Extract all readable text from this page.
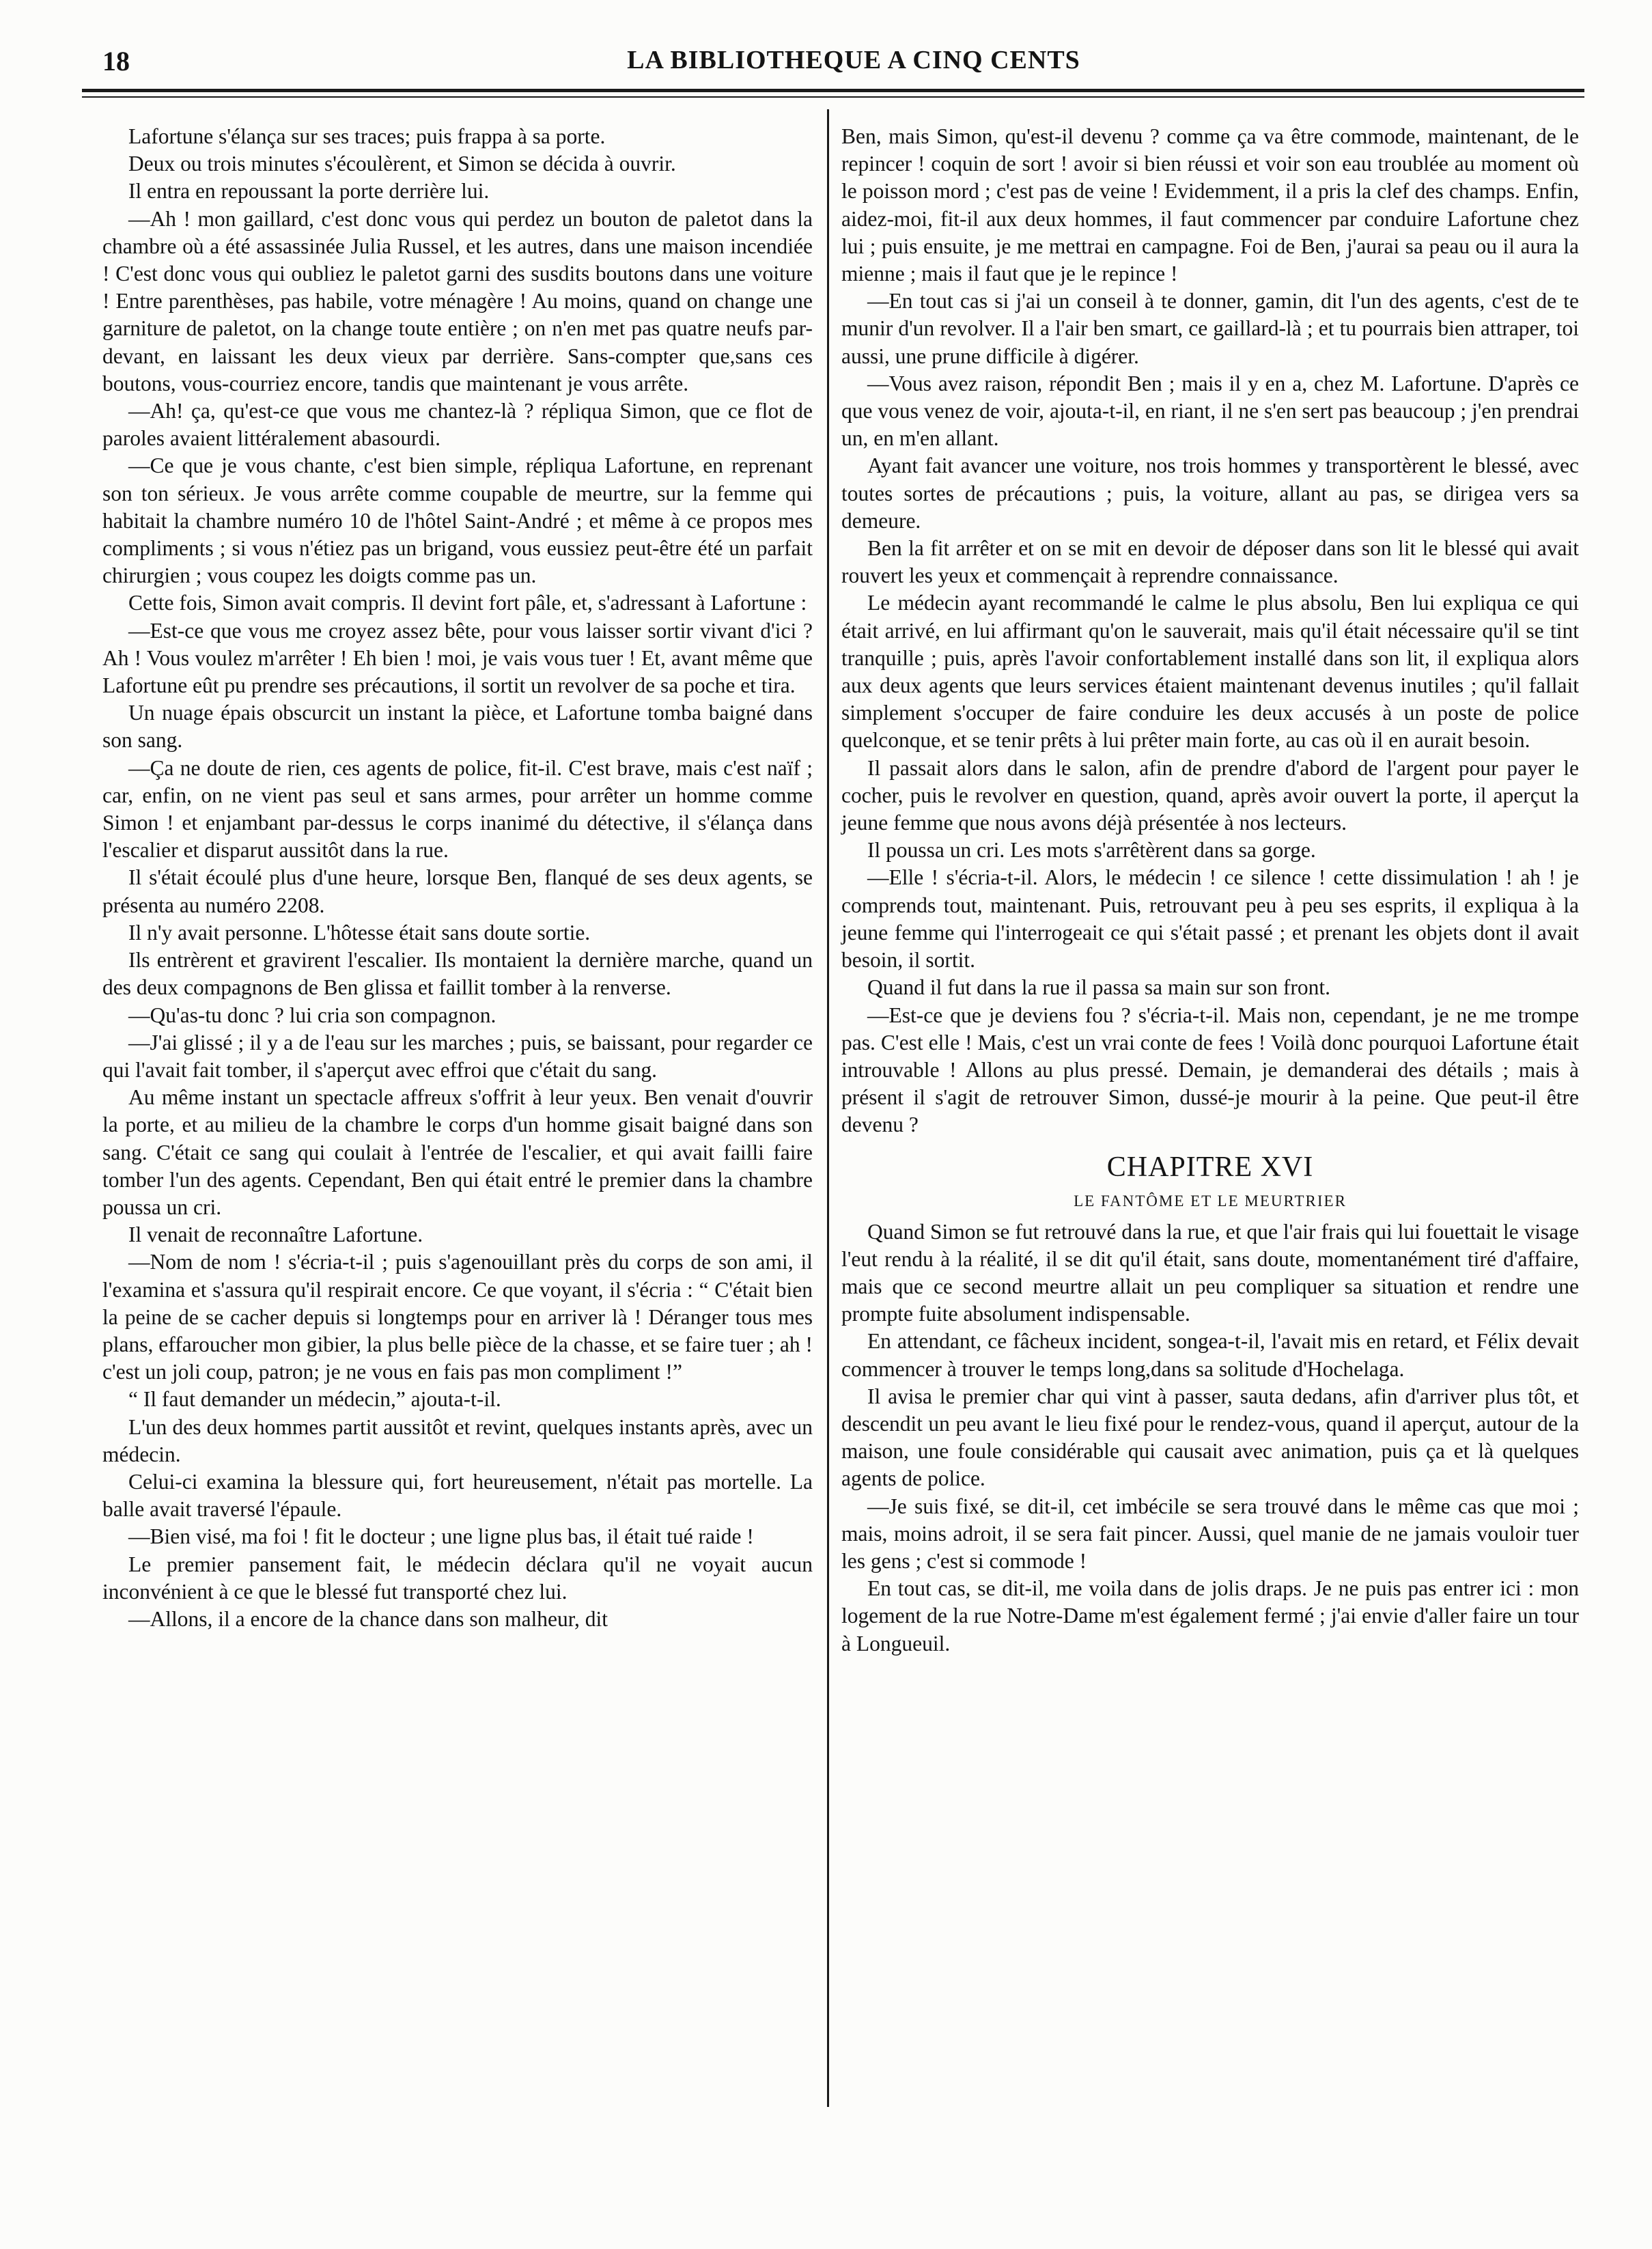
18	LA BIBLIOTHEQUE A CINQ CENTS

Lafortune s'élança sur ses traces; puis frappa à sa porte.

Deux ou trois minutes s'écoulèrent, et Simon se décida à ouvrir.

Il entra en repoussant la porte derrière lui.

—Ah ! mon gaillard, c'est donc vous qui perdez un bouton de paletot dans la chambre où a été assassinée Julia Russel, et les autres, dans une maison incendiée ! C'est donc vous qui oubliez le paletot garni des susdits boutons dans une voiture ! Entre parenthèses, pas habile, votre ménagère ! Au moins, quand on change une garniture de paletot, on la change toute entière ; on n'en met pas quatre neufs par-devant, en laissant les deux vieux par derrière. Sans-compter que,sans ces boutons, vous-courriez encore, tandis que maintenant je vous arrête.

—Ah! ça, qu'est-ce que vous me chantez-là ? répliqua Simon, que ce flot de paroles avaient littéralement abasourdi.

—Ce que je vous chante, c'est bien simple, répliqua Lafortune, en reprenant son ton sérieux. Je vous arrête comme coupable de meurtre, sur la femme qui habitait la chambre numéro 10 de l'hôtel Saint-André ; et même à ce propos mes compliments ; si vous n'étiez pas un brigand, vous eussiez peut-être été un parfait chirurgien ; vous coupez les doigts comme pas un.

Cette fois, Simon avait compris. Il devint fort pâle, et, s'adressant à Lafortune :

—Est-ce que vous me croyez assez bête, pour vous laisser sortir vivant d'ici ? Ah ! Vous voulez m'arrêter ! Eh bien ! moi, je vais vous tuer ! Et, avant même que Lafortune eût pu prendre ses précautions, il sortit un revolver de sa poche et tira.

Un nuage épais obscurcit un instant la pièce, et Lafortune tomba baigné dans son sang.

—Ça ne doute de rien, ces agents de police, fit-il. C'est brave, mais c'est naïf ; car, enfin, on ne vient pas seul et sans armes, pour arrêter un homme comme Simon ! et enjambant par-dessus le corps inanimé du détective, il s'élança dans l'escalier et disparut aussitôt dans la rue.

Il s'était écoulé plus d'une heure, lorsque Ben, flanqué de ses deux agents, se présenta au numéro 2208.

Il n'y avait personne. L'hôtesse était sans doute sortie.

Ils entrèrent et gravirent l'escalier. Ils montaient la dernière marche, quand un des deux compagnons de Ben glissa et faillit tomber à la renverse.

—Qu'as-tu donc ? lui cria son compagnon.

—J'ai glissé ; il y a de l'eau sur les marches ; puis, se baissant, pour regarder ce qui l'avait fait tomber, il s'aperçut avec effroi que c'était du sang.

Au même instant un spectacle affreux s'offrit à leur yeux. Ben venait d'ouvrir la porte, et au milieu de la chambre le corps d'un homme gisait baigné dans son sang. C'était ce sang qui coulait à l'entrée de l'escalier, et qui avait failli faire tomber l'un des agents. Cependant, Ben qui était entré le premier dans la chambre poussa un cri.

Il venait de reconnaître Lafortune.

—Nom de nom ! s'écria-t-il ; puis s'agenouillant près du corps de son ami, il l'examina et s'assura qu'il respirait encore. Ce que voyant, il s'écria : “ C'était bien la peine de se cacher depuis si longtemps pour en arriver là ! Déranger tous mes plans, effaroucher mon gibier, la plus belle pièce de la chasse, et se faire tuer ; ah ! c'est un joli coup, patron; je ne vous en fais pas mon compliment !”

“ Il faut demander un médecin,” ajouta-t-il.

L'un des deux hommes partit aussitôt et revint, quelques instants après, avec un médecin.

Celui-ci examina la blessure qui, fort heureusement, n'était pas mortelle. La balle avait traversé l'épaule.

—Bien visé, ma foi ! fit le docteur ; une ligne plus bas, il était tué raide !

Le premier pansement fait, le médecin déclara qu'il ne voyait aucun inconvénient à ce que le blessé fut transporté chez lui.

—Allons, il a encore de la chance dans son malheur, dit

Ben, mais Simon, qu'est-il devenu ? comme ça va être commode, maintenant, de le repincer ! coquin de sort ! avoir si bien réussi et voir son eau troublée au moment où le poisson mord ; c'est pas de veine ! Evidemment, il a pris la clef des champs. Enfin, aidez-moi, fit-il aux deux hommes, il faut commencer par conduire Lafortune chez lui ; puis ensuite, je me mettrai en campagne. Foi de Ben, j'aurai sa peau ou il aura la mienne ; mais il faut que je le repince !

—En tout cas si j'ai un conseil à te donner, gamin, dit l'un des agents, c'est de te munir d'un revolver. Il a l'air ben smart, ce gaillard-là ; et tu pourrais bien attraper, toi aussi, une prune difficile à digérer.

—Vous avez raison, répondit Ben ; mais il y en a, chez M. Lafortune. D'après ce que vous venez de voir, ajouta-t-il, en riant, il ne s'en sert pas beaucoup ; j'en prendrai un, en m'en allant.

Ayant fait avancer une voiture, nos trois hommes y transportèrent le blessé, avec toutes sortes de précautions ; puis, la voiture, allant au pas, se dirigea vers sa demeure.

Ben la fit arrêter et on se mit en devoir de déposer dans son lit le blessé qui avait rouvert les yeux et commençait à reprendre connaissance.

Le médecin ayant recommandé le calme le plus absolu, Ben lui expliqua ce qui était arrivé, en lui affirmant qu'on le sauverait, mais qu'il était nécessaire qu'il se tint tranquille ; puis, après l'avoir confortablement installé dans son lit, il expliqua alors aux deux agents que leurs services étaient maintenant devenus inutiles ; qu'il fallait simplement s'occuper de faire conduire les deux accusés à un poste de police quelconque, et se tenir prêts à lui prêter main forte, au cas où il en aurait besoin.

Il passait alors dans le salon, afin de prendre d'abord de l'argent pour payer le cocher, puis le revolver en question, quand, après avoir ouvert la porte, il aperçut la jeune femme que nous avons déjà présentée à nos lecteurs.

Il poussa un cri. Les mots s'arrêtèrent dans sa gorge.

—Elle ! s'écria-t-il. Alors, le médecin ! ce silence ! cette dissimulation ! ah ! je comprends tout, maintenant. Puis, retrouvant peu à peu ses esprits, il expliqua à la jeune femme qui l'interrogeait ce qui s'était passé ; et prenant les objets dont il avait besoin, il sortit.

Quand il fut dans la rue il passa sa main sur son front.

—Est-ce que je deviens fou ? s'écria-t-il. Mais non, cependant, je ne me trompe pas. C'est elle ! Mais, c'est un vrai conte de fees ! Voilà donc pourquoi Lafortune était introuvable ! Allons au plus pressé. Demain, je demanderai des détails ; mais à présent il s'agit de retrouver Simon, dussé-je mourir à la peine. Que peut-il être devenu ?

CHAPITRE XVI
LE FANTÔME ET LE MEURTRIER

Quand Simon se fut retrouvé dans la rue, et que l'air frais qui lui fouettait le visage l'eut rendu à la réalité, il se dit qu'il était, sans doute, momentanément tiré d'affaire, mais que ce second meurtre allait un peu compliquer sa situation et rendre une prompte fuite absolument indispensable.

En attendant, ce fâcheux incident, songea-t-il, l'avait mis en retard, et Félix devait commencer à trouver le temps long,dans sa solitude d'Hochelaga.

Il avisa le premier char qui vint à passer, sauta dedans, afin d'arriver plus tôt, et descendit un peu avant le lieu fixé pour le rendez-vous, quand il aperçut, autour de la maison, une foule considérable qui causait avec animation, puis ça et là quelques agents de police.

—Je suis fixé, se dit-il, cet imbécile se sera trouvé dans le même cas que moi ; mais, moins adroit, il se sera fait pincer. Aussi, quel manie de ne jamais vouloir tuer les gens ; c'est si commode !

En tout cas, se dit-il, me voila dans de jolis draps. Je ne puis pas entrer ici : mon logement de la rue Notre-Dame m'est également fermé ; j'ai envie d'aller faire un tour à Longueuil.
